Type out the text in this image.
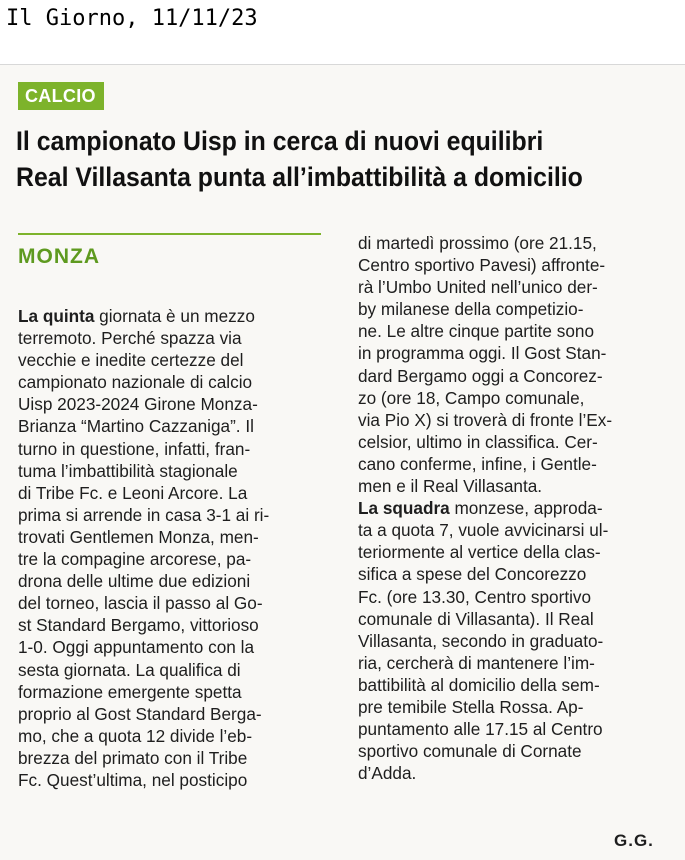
Il Giorno, 11/11/23
CALCIO
Il campionato Uisp in cerca di nuovi equilibri
Real Villasanta punta all’imbattibilità a domicilio
MONZA
La quinta giornata è un mezzo
terremoto. Perché spazza via
vecchie e inedite certezze del
campionato nazionale di calcio
Uisp 2023-2024 Girone Monza-
Brianza “Martino Cazzaniga”. Il
turno in questione, infatti, fran-
tuma l’imbattibilità stagionale
di Tribe Fc. e Leoni Arcore. La
prima si arrende in casa 3-1 ai ri-
trovati Gentlemen Monza, men-
tre la compagine arcorese, pa-
drona delle ultime due edizioni
del torneo, lascia il passo al Go-
st Standard Bergamo, vittorioso
1-0. Oggi appuntamento con la
sesta giornata. La qualifica di
formazione emergente spetta
proprio al Gost Standard Berga-
mo, che a quota 12 divide l’eb-
brezza del primato con il Tribe
Fc. Quest’ultima, nel posticipo
di martedì prossimo (ore 21.15,
Centro sportivo Pavesi) affronte-
rà l’Umbo United nell’unico der-
by milanese della competizio-
ne. Le altre cinque partite sono
in programma oggi. Il Gost Stan-
dard Bergamo oggi a Concorez-
zo (ore 18, Campo comunale,
via Pio X) si troverà di fronte l’Ex-
celsior, ultimo in classifica. Cer-
cano conferme, infine, i Gentle-
men e il Real Villasanta.
La squadra monzese, approda-
ta a quota 7, vuole avvicinarsi ul-
teriormente al vertice della clas-
sifica a spese del Concorezzo
Fc. (ore 13.30, Centro sportivo
comunale di Villasanta). Il Real
Villasanta, secondo in graduato-
ria, cercherà di mantenere l’im-
battibilità al domicilio della sem-
pre temibile Stella Rossa. Ap-
puntamento alle 17.15 al Centro
sportivo comunale di Cornate
d’Adda.
G.G.
